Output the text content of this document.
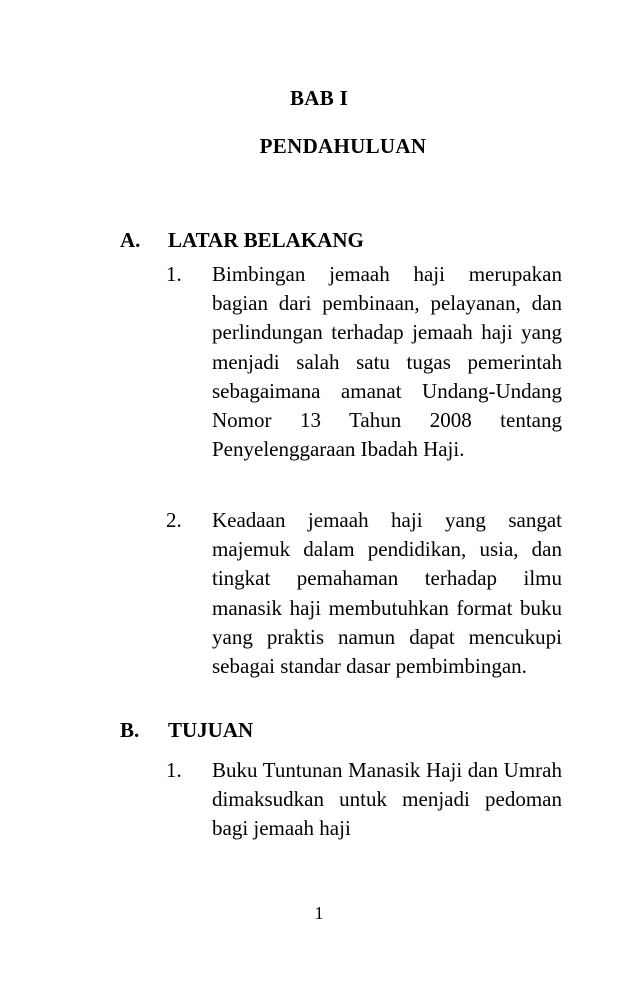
BAB I
PENDAHULUAN
A. LATAR BELAKANG
1. Bimbingan jemaah haji merupakan bagian dari pembinaan, pelayanan, dan perlindungan terhadap jemaah haji yang menjadi salah satu tugas pemerintah sebagaimana amanat Undang-Undang Nomor 13 Tahun 2008 tentang Penyelenggaraan Ibadah Haji.
2. Keadaan jemaah haji yang sangat majemuk dalam pendidikan, usia, dan tingkat pemahaman terhadap ilmu manasik haji membutuhkan format buku yang praktis namun dapat mencukupi sebagai standar dasar pembimbingan.
B. TUJUAN
1. Buku Tuntunan Manasik Haji dan Umrah dimaksudkan untuk menjadi pedoman bagi jemaah haji
1
